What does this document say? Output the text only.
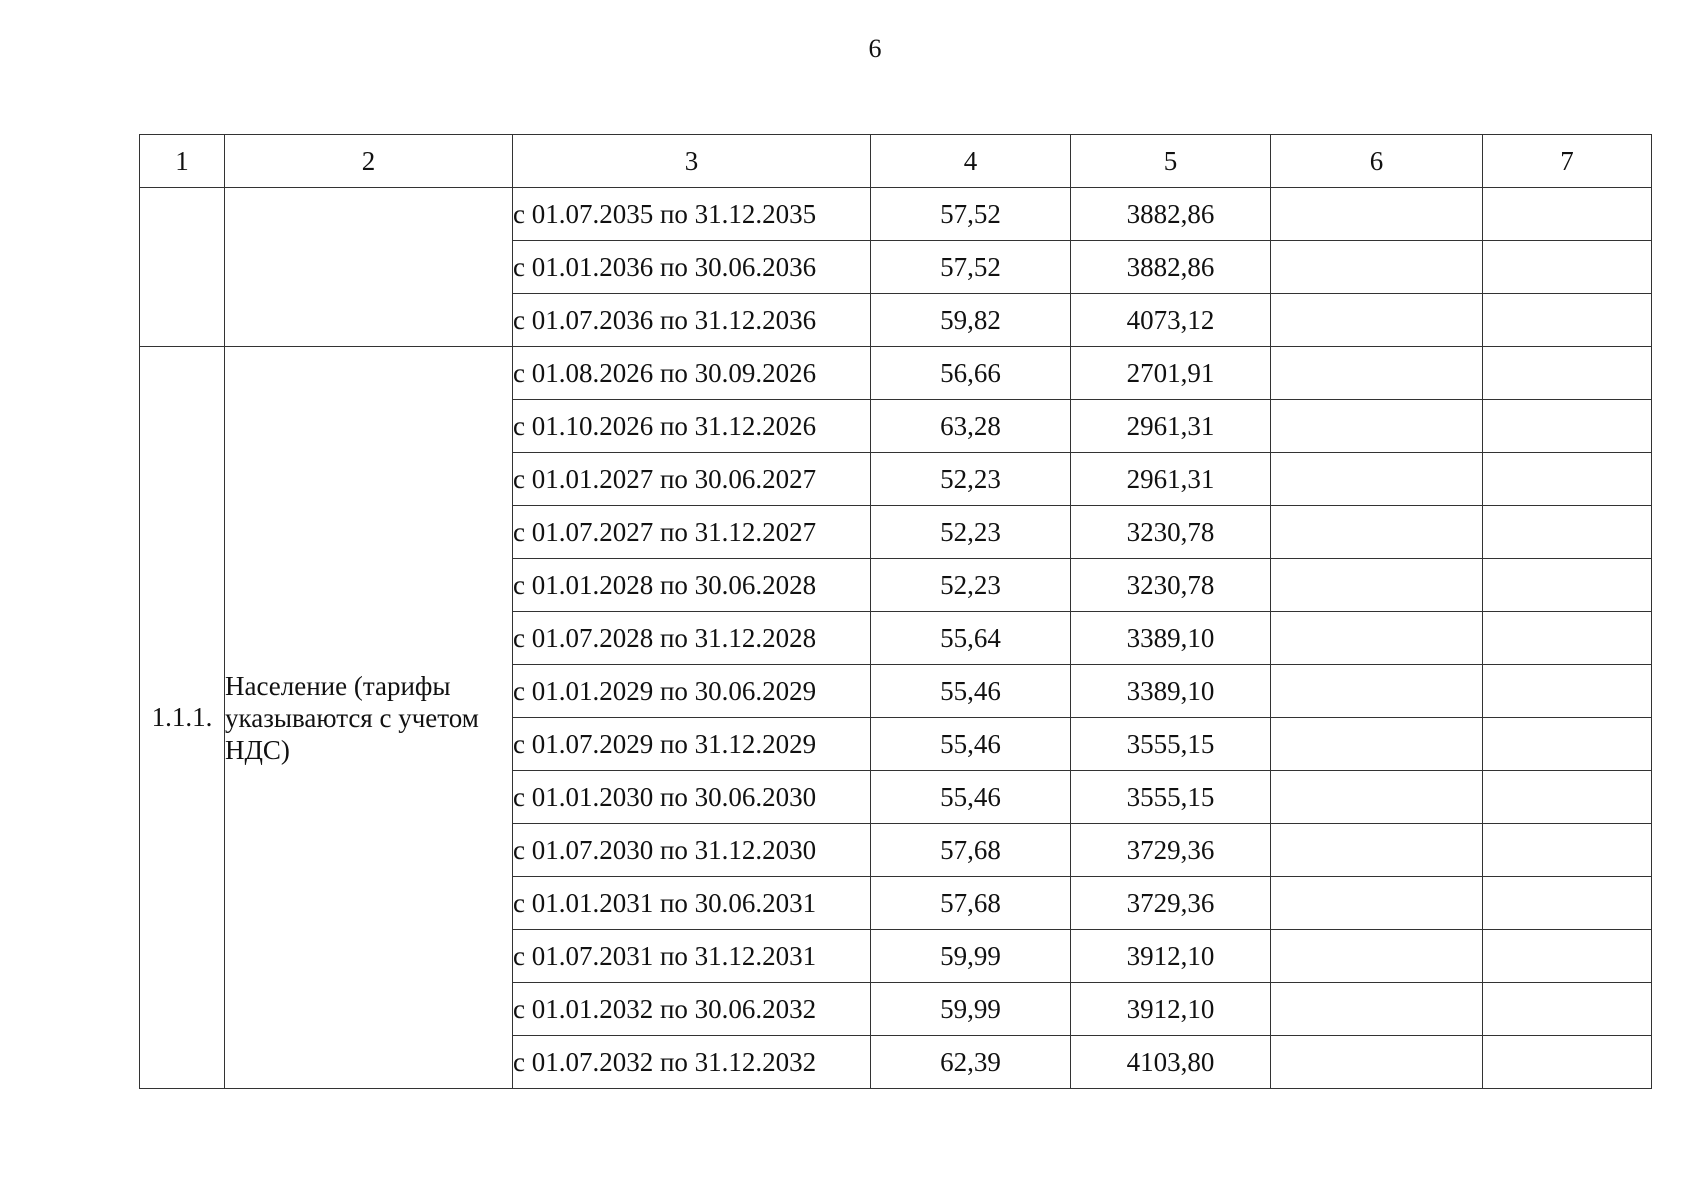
6
1	2	3	4	5	6	7
		с 01.07.2035 по 31.12.2035	57,52	3882,86		
		с 01.01.2036 по 30.06.2036	57,52	3882,86		
		с 01.07.2036 по 31.12.2036	59,82	4073,12		
1.1.1.	Население (тарифы указываются с учетом НДС)	с 01.08.2026 по 30.09.2026	56,66	2701,91		
		с 01.10.2026 по 31.12.2026	63,28	2961,31		
		с 01.01.2027 по 30.06.2027	52,23	2961,31		
		с 01.07.2027 по 31.12.2027	52,23	3230,78		
		с 01.01.2028 по 30.06.2028	52,23	3230,78		
		с 01.07.2028 по 31.12.2028	55,64	3389,10		
		с 01.01.2029 по 30.06.2029	55,46	3389,10		
		с 01.07.2029 по 31.12.2029	55,46	3555,15		
		с 01.01.2030 по 30.06.2030	55,46	3555,15		
		с 01.07.2030 по 31.12.2030	57,68	3729,36		
		с 01.01.2031 по 30.06.2031	57,68	3729,36		
		с 01.07.2031 по 31.12.2031	59,99	3912,10		
		с 01.01.2032 по 30.06.2032	59,99	3912,10		
		с 01.07.2032 по 31.12.2032	62,39	4103,80		
